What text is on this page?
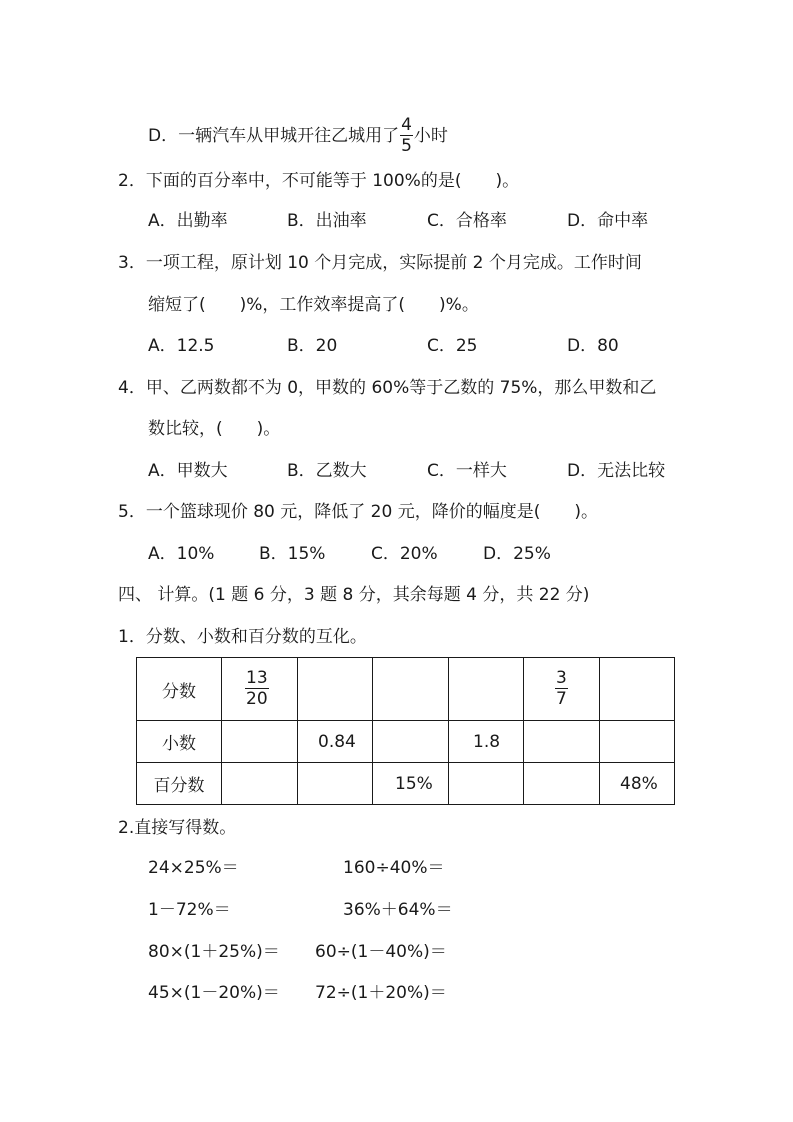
D．一辆汽车从甲城开往乙城用了 $\frac{4}{5}$ 小时
2．下面的百分率中，不可能等于 100%的是(　　)。
A．出勤率	B．出油率	C．合格率	D．命中率
3．一项工程，原计划 10 个月完成，实际提前 2 个月完成。工作时间
缩短了(　　)%，工作效率提高了(　　)%。
A．12.5	B．20	C．25	D．80
4．甲、乙两数都不为 0，甲数的 60%等于乙数的 75%，那么甲数和乙
数比较，(　　)。
A．甲数大	B．乙数大	C．一样大	D．无法比较
5．一个篮球现价 80 元，降低了 20 元，降价的幅度是(　　)。
A．10%	B．15%	C．20%	D．25%
四、 计算。(1 题 6 分，3 题 8 分，其余每题 4 分，共 22 分)
1．分数、小数和百分数的互化。
分数	$\frac{13}{20}$				$\frac{3}{7}$

小数		0.84		1.8		
百分数			15%			48%
2.直接写得数。
24×25%＝	160÷40%＝
1－72%＝	36%＋64%＝
80×(1＋25%)＝ 60÷(1－40%)＝
45×(1－20%)＝ 72÷(1＋20%)＝
